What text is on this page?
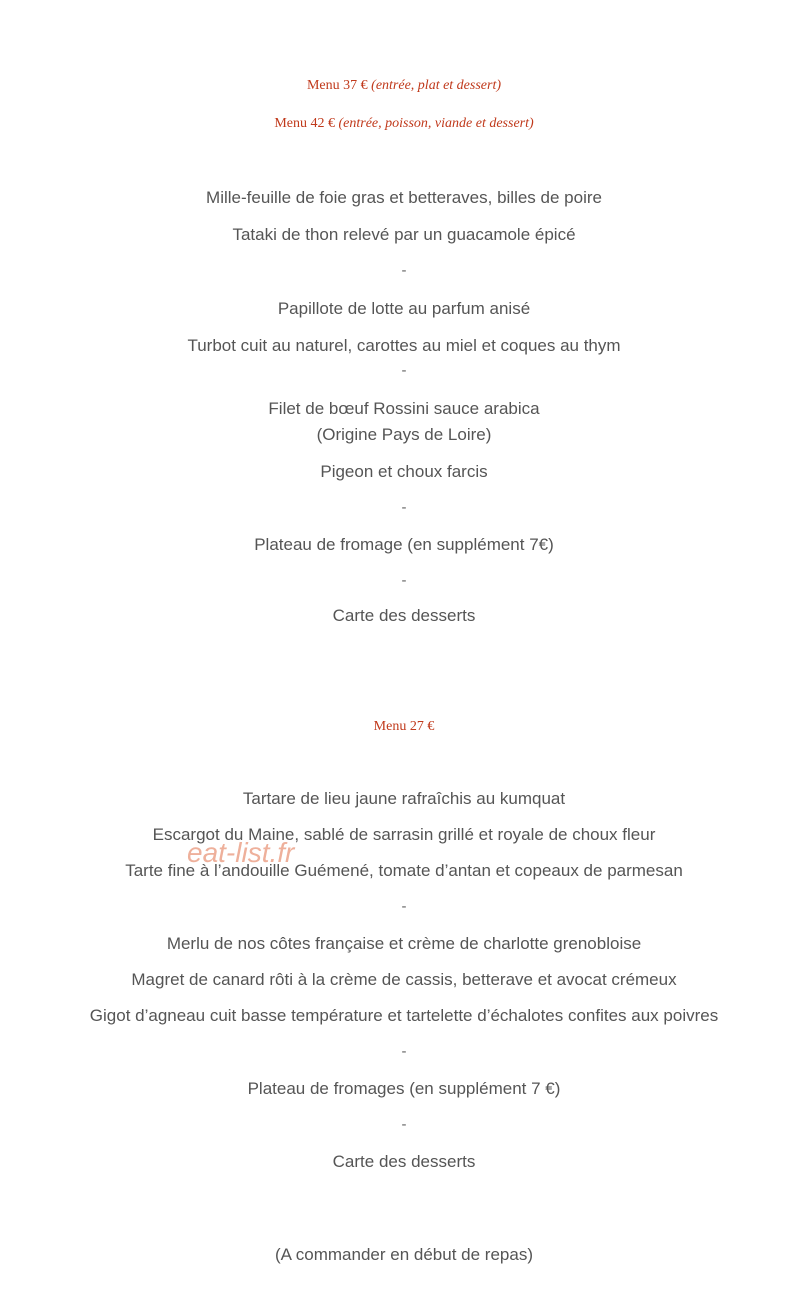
Menu 37 € (entrée, plat et dessert)
Menu 42 € (entrée, poisson, viande et dessert)
Mille-feuille de foie gras et betteraves, billes de poire
Tataki de thon relevé par un guacamole épicé
-
Papillote de lotte au parfum anisé
Turbot cuit au naturel, carottes au miel et coques au thym
-
Filet de bœuf Rossini sauce arabica
(Origine Pays de Loire)
Pigeon et choux farcis
-
Plateau de fromage (en supplément 7€)
-
Carte des desserts
Menu 27 €
Tartare de lieu jaune rafraîchis au kumquat
Escargot du Maine, sablé de sarrasin grillé et royale de choux fleur
Tarte fine à l’andouille Guémené, tomate d’antan et copeaux de parmesan
-
Merlu de nos côtes française et crème de charlotte grenobloise
Magret de canard rôti à la crème de cassis, betterave et avocat crémeux
Gigot d’agneau cuit basse température et tartelette d’échalotes confites aux poivres
-
Plateau de fromages (en supplément 7 €)
-
Carte des desserts
(A commander en début de repas)
eat-list.fr
